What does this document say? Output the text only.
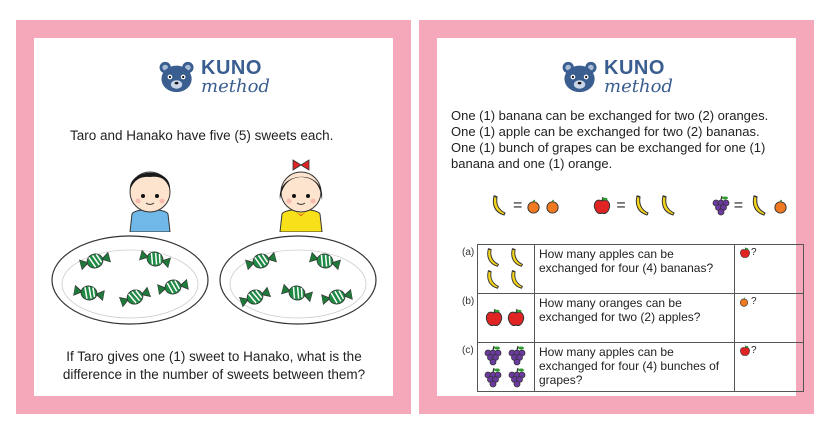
KUNO
method
Taro and Hanako have five (5) sweets each.
If Taro gives one (1) sweet to Hanako, what is the difference in the number of sweets between them?
KUNO
method
One (1) banana can be exchanged for two (2) oranges.
One (1) apple can be exchanged for two (2) bananas.
One (1) bunch of grapes can be exchanged for one (1) banana and one (1) orange.
=	=	=
(a)	How many apples can be exchanged for four (4) bananas?
?
(b)	How many oranges can be exchanged for two (2) apples?
?
(c)	How many apples can be exchanged for four (4) bunches of grapes?
?
